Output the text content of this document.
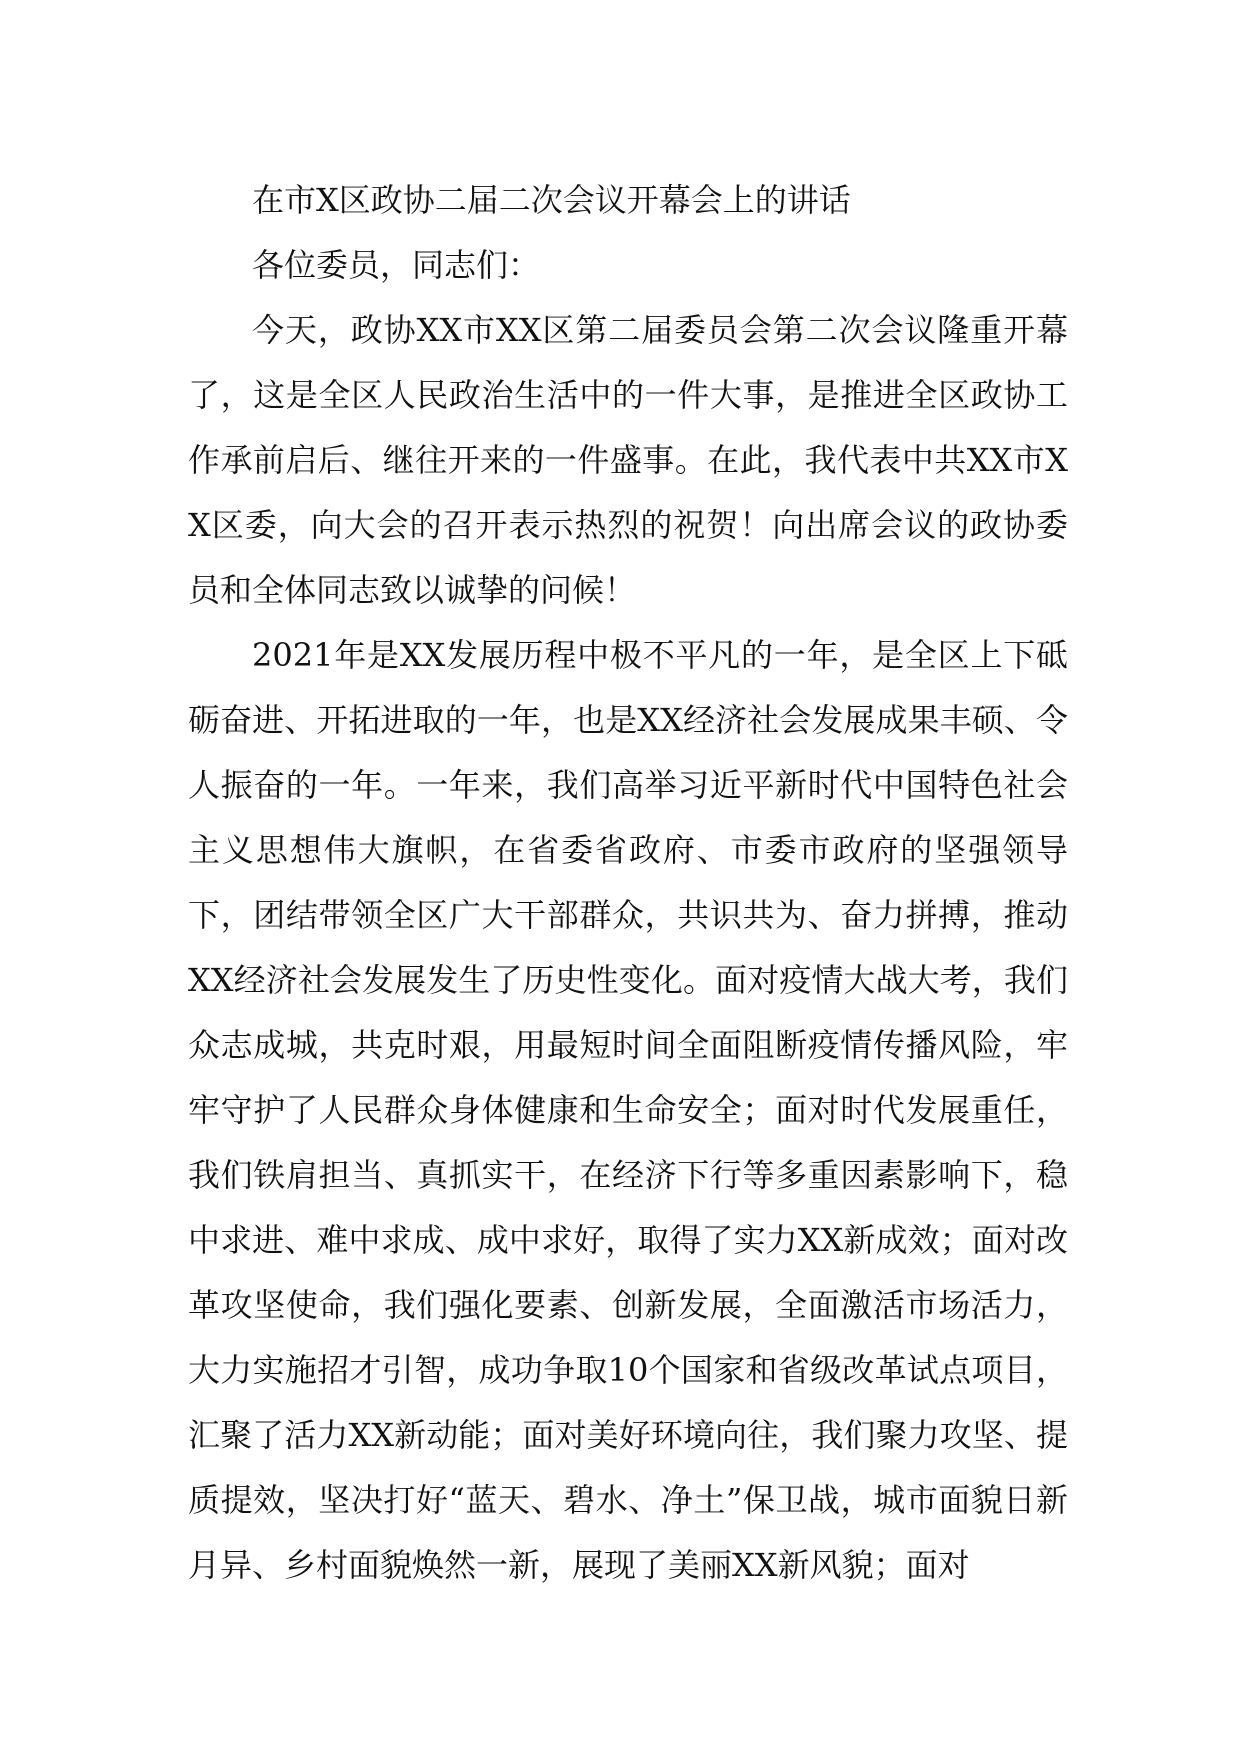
在市X区政协二届二次会议开幕会上的讲话

各位委员，同志们：

今天，政协XX市XX区第二届委员会第二次会议隆重开幕了，这是全区人民政治生活中的一件大事，是推进全区政协工作承前启后、继往开来的一件盛事。在此，我代表中共XX市XX区委，向大会的召开表示热烈的祝贺！向出席会议的政协委员和全体同志致以诚挚的问候！

2021年是XX发展历程中极不平凡的一年，是全区上下砥砺奋进、开拓进取的一年，也是XX经济社会发展成果丰硕、令人振奋的一年。一年来，我们高举习近平新时代中国特色社会主义思想伟大旗帜，在省委省政府、市委市政府的坚强领导下，团结带领全区广大干部群众，共识共为、奋力拼搏，推动XX经济社会发展发生了历史性变化。面对疫情大战大考，我们众志成城，共克时艰，用最短时间全面阻断疫情传播风险，牢牢守护了人民群众身体健康和生命安全；面对时代发展重任，我们铁肩担当、真抓实干，在经济下行等多重因素影响下，稳中求进、难中求成、成中求好，取得了实力XX新成效；面对改革攻坚使命，我们强化要素、创新发展，全面激活市场活力，大力实施招才引智，成功争取10个国家和省级改革试点项目，汇聚了活力XX新动能；面对美好环境向往，我们聚力攻坚、提质提效，坚决打好“蓝天、碧水、净土”保卫战，城市面貌日新月异、乡村面貌焕然一新，展现了美丽XX新风貌；面对
